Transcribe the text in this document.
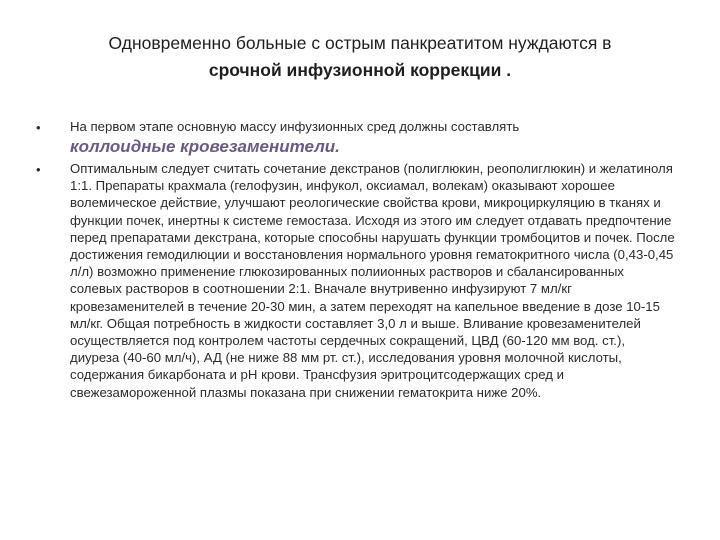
Одновременно больные с острым панкреатитом нуждаются в
срочной инфузионной коррекции .
• На первом этапе основную массу инфузионных сред должны составлять
коллоидные кровезаменители.
• Оптимальным следует считать сочетание декстранов (полиглюкин, реополиглюкин) и желатиноля 1:1. Препараты крахмала (гелофузин, инфукол, оксиамал, волекам) оказывают хорошее волемическое действие, улучшают реологические свойства крови, микроциркуляцию в тканях и функции почек, инертны к системе гемостаза. Исходя из этого им следует отдавать предпочтение перед препаратами декстрана, которые способны нарушать функции тромбоцитов и почек. После достижения гемодилюции и восстановления нормального уровня гематокритного числа (0,43-0,45 л/л) возможно применение глюкозированных полиионных растворов и сбалансированных солевых растворов в соотношении 2:1. Вначале внутривенно инфузируют 7 мл/кг кровезаменителей в течение 20-30 мин, а затем переходят на капельное введение в дозе 10-15 мл/кг. Общая потребность в жидкости составляет 3,0 л и выше. Вливание кровезаменителей осуществляется под контролем частоты сердечных сокращений, ЦВД (60-120 мм вод. ст.), диуреза (40-60 мл/ч), АД (не ниже 88 мм рт. ст.), исследования уровня молочной кислоты, содержания бикарбоната и рН крови. Трансфузия эритроцитсодержащих сред и свежезамороженной плазмы показана при снижении гематокрита ниже 20%.
